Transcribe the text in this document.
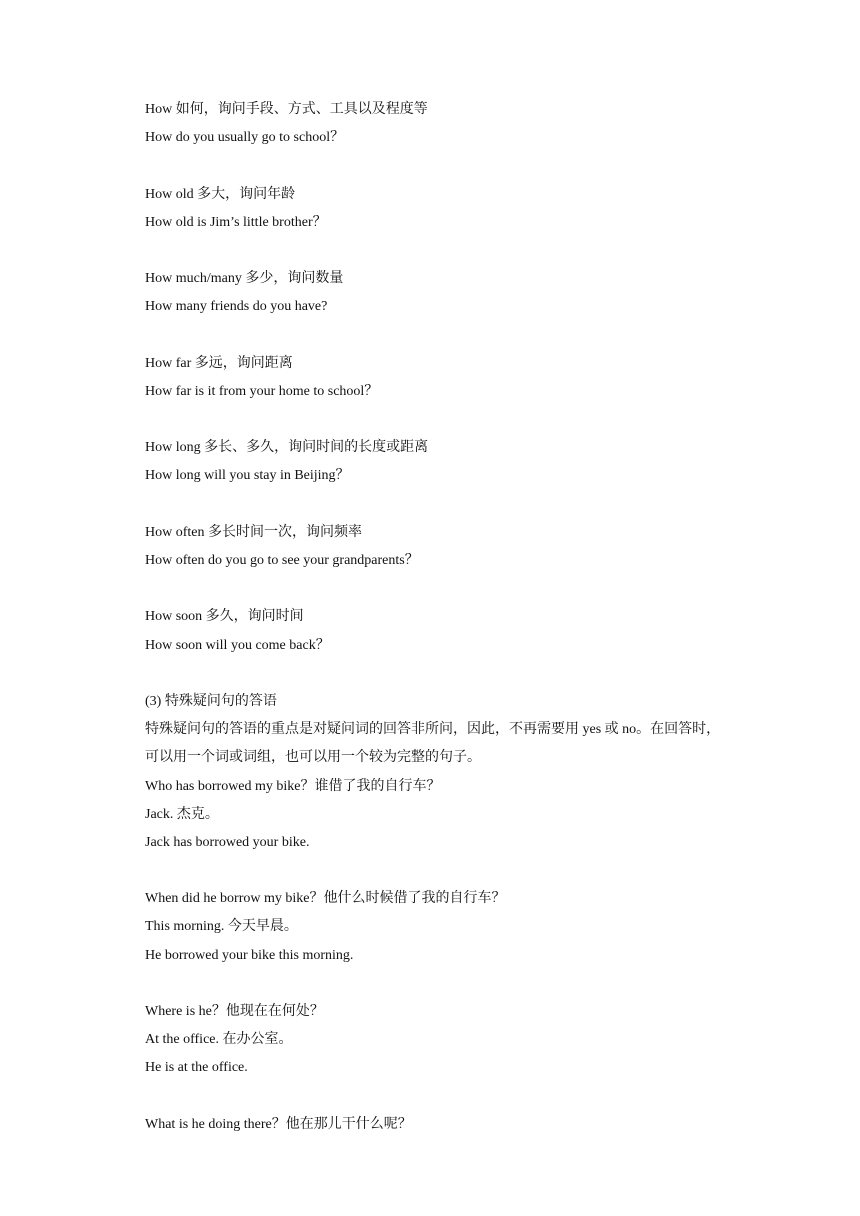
How 如何，询问手段、方式、工具以及程度等
How do you usually go to school？
How old 多大，询问年龄
How old is Jim’s little brother？
How much/many 多少，询问数量
How many friends do you have?
How far 多远，询问距离
How far is it from your home to school？
How long 多长、多久，询问时间的长度或距离
How long will you stay in Beijing？
How often 多长时间一次，询问频率
How often do you go to see your grandparents？
How soon 多久，询问时间
How soon will you come back？
(3) 特殊疑问句的答语
特殊疑问句的答语的重点是对疑问词的回答非所问，因此，不再需要用 yes 或 no。在回答时，可以用一个词或词组，也可以用一个较为完整的句子。
Who has borrowed my bike？谁借了我的自行车？
Jack. 杰克。
Jack has borrowed your bike.
When did he borrow my bike？他什么时候借了我的自行车？
This morning. 今天早晨。
He borrowed your bike this morning.
Where is he？他现在在何处？
At the office. 在办公室。
He is at the office.
What is he doing there？他在那儿干什么呢？
